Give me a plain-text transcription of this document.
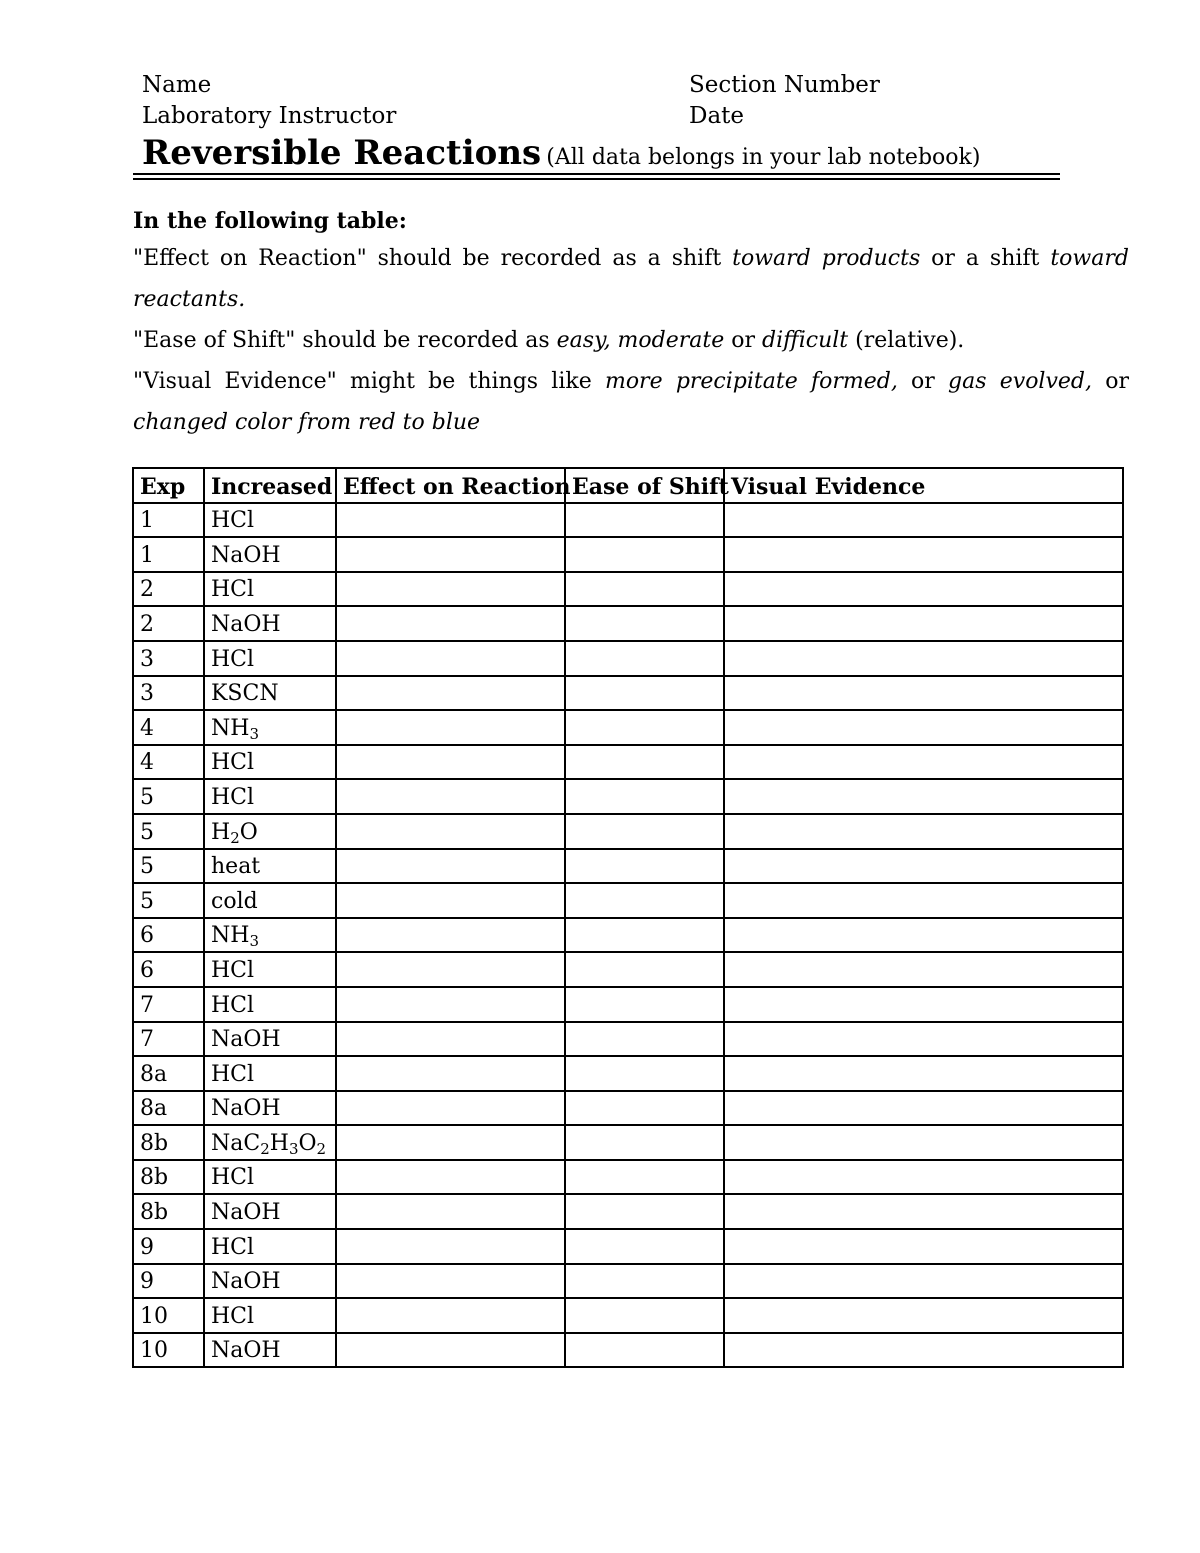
Name	Section Number
Laboratory Instructor	Date
Reversible Reactions (All data belongs in your lab notebook)

In the following table:

"Effect on Reaction" should be recorded as a shift toward products or a shift toward reactants.

"Ease of Shift" should be recorded as easy, moderate or difficult (relative).

"Visual Evidence" might be things like more precipitate formed, or gas evolved, or changed color from red to blue

Exp	Increased	Effect on Reaction	Ease of Shift	Visual Evidence
1	HCl			
1	NaOH			
2	HCl			
2	NaOH			
3	HCl			
3	KSCN			
4	$NH_3$			
4	HCl			
5	HCl			
5	$H_2O$			
5	heat			
5	cold			
6	$NH_3$			
6	HCl			
7	HCl			
7	NaOH			
8a	HCl			
8a	NaOH			
8b	$NaC_2H_3O_2$			
8b	HCl			
8b	NaOH			
9	HCl			
9	NaOH			
10	HCl			
10	NaOH			
